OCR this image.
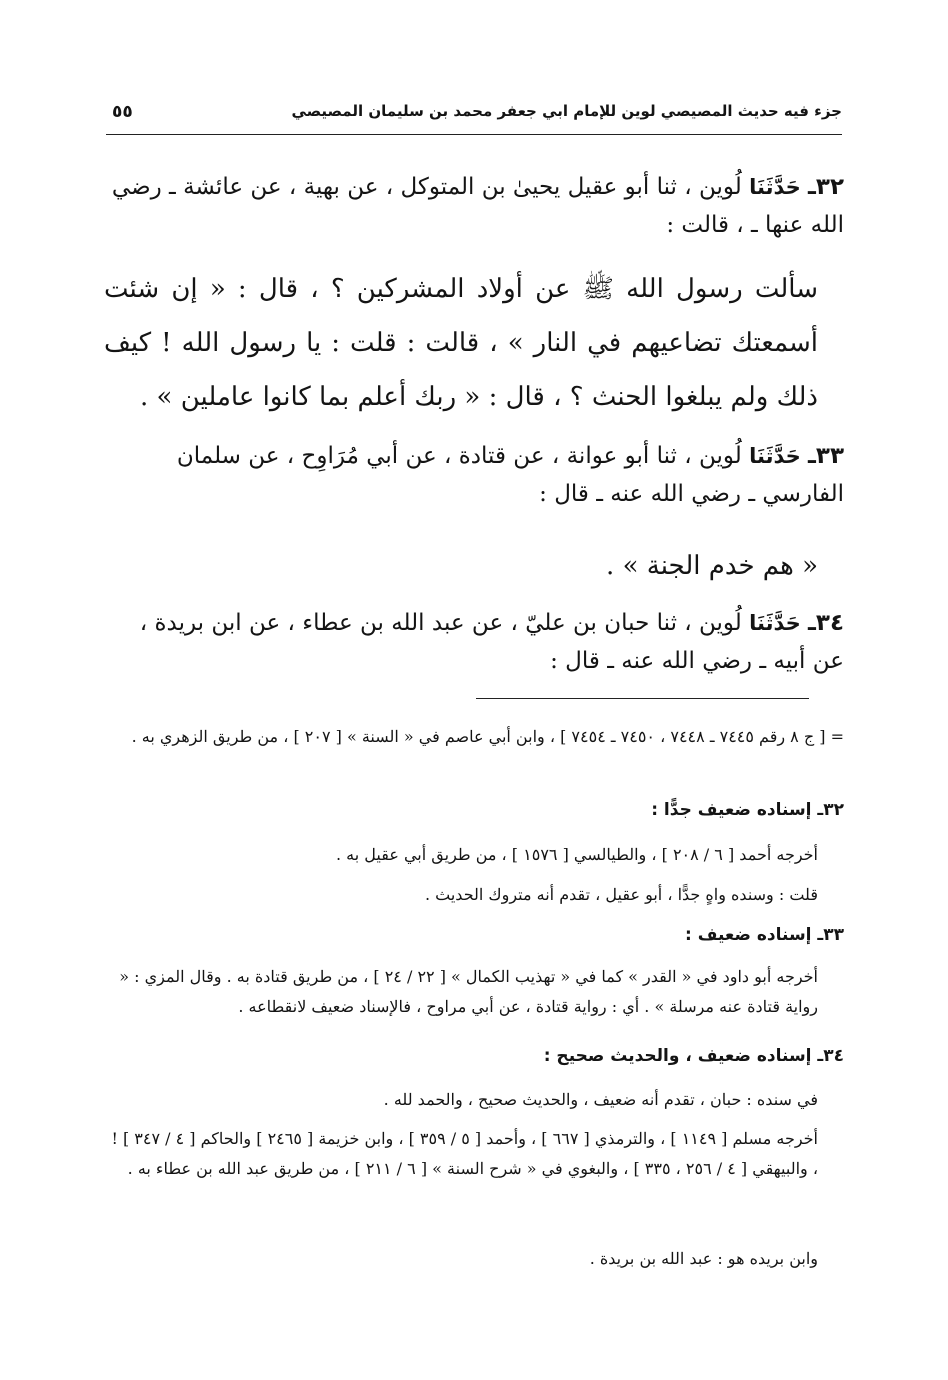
جزء فيه حديث المصيصي لوين للإمام ابي جعفر محمد بن سليمان المصيصي
٥٥
٣٢ـ حَدَّثَنَا لُوين ، ثنا أبو عقيل يحيىٰ بن المتوكل ، عن بهية ، عن عائشة ـ رضي الله عنها ـ ، قالت :
سألت رسول الله ﷺ عن أولاد المشركين ؟ ، قال : « إن شئت أسمعتك تضاعيهم في النار » ، قالت : قلت : يا رسول الله ! كيف ذلك ولم يبلغوا الحنث ؟ ، قال : « ربك أعلم بما كانوا عاملين » .
٣٣ـ حَدَّثَنَا لُوين ، ثنا أبو عوانة ، عن قتادة ، عن أبي مُرَاوِح ، عن سلمان الفارسي ـ رضي الله عنه ـ قال :
« هم خدم الجنة » .
٣٤ـ حَدَّثَنَا لُوين ، ثنا حبان بن عليّ ، عن عبد الله بن عطاء ، عن ابن بريدة ، عن أبيه ـ رضي الله عنه ـ قال :
= [ ج ٨ رقم ٧٤٤٥ ـ ٧٤٤٨ ، ٧٤٥٠ ـ ٧٤٥٤ ] ، وابن أبي عاصم في « السنة » [ ٢٠٧ ] ، من طريق الزهري به .
٣٢ـ إسناده ضعيف جدًّا :
أخرجه أحمد [ ٦ / ٢٠٨ ] ، والطيالسي [ ١٥٧٦ ] ، من طريق أبي عقيل به .
قلت : وسنده واهٍ جدًّا ، أبو عقيل ، تقدم أنه متروك الحديث .
٣٣ـ إسناده ضعيف :
أخرجه أبو داود في « القدر » كما في « تهذيب الكمال » [ ٢٢ / ٢٤ ] ، من طريق قتادة به . وقال المزي : « رواية قتادة عنه مرسلة » . أي : رواية قتادة ، عن أبي مراوح ، فالإسناد ضعيف لانقطاعه .
٣٤ـ إسناده ضعيف ، والحديث صحيح :
في سنده : حبان ، تقدم أنه ضعيف ، والحديث صحيح ، والحمد لله .
أخرجه مسلم [ ١١٤٩ ] ، والترمذي [ ٦٦٧ ] ، وأحمد [ ٥ / ٣٥٩ ] ، وابن خزيمة [ ٢٤٦٥ ] والحاكم [ ٤ / ٣٤٧ ] ! ، والبيهقي [ ٤ / ٢٥٦ ، ٣٣٥ ] ، والبغوي في « شرح السنة » [ ٦ / ٢١١ ] ، من طريق عبد الله بن عطاء به .
وابن بريده هو : عبد الله بن بريدة .
